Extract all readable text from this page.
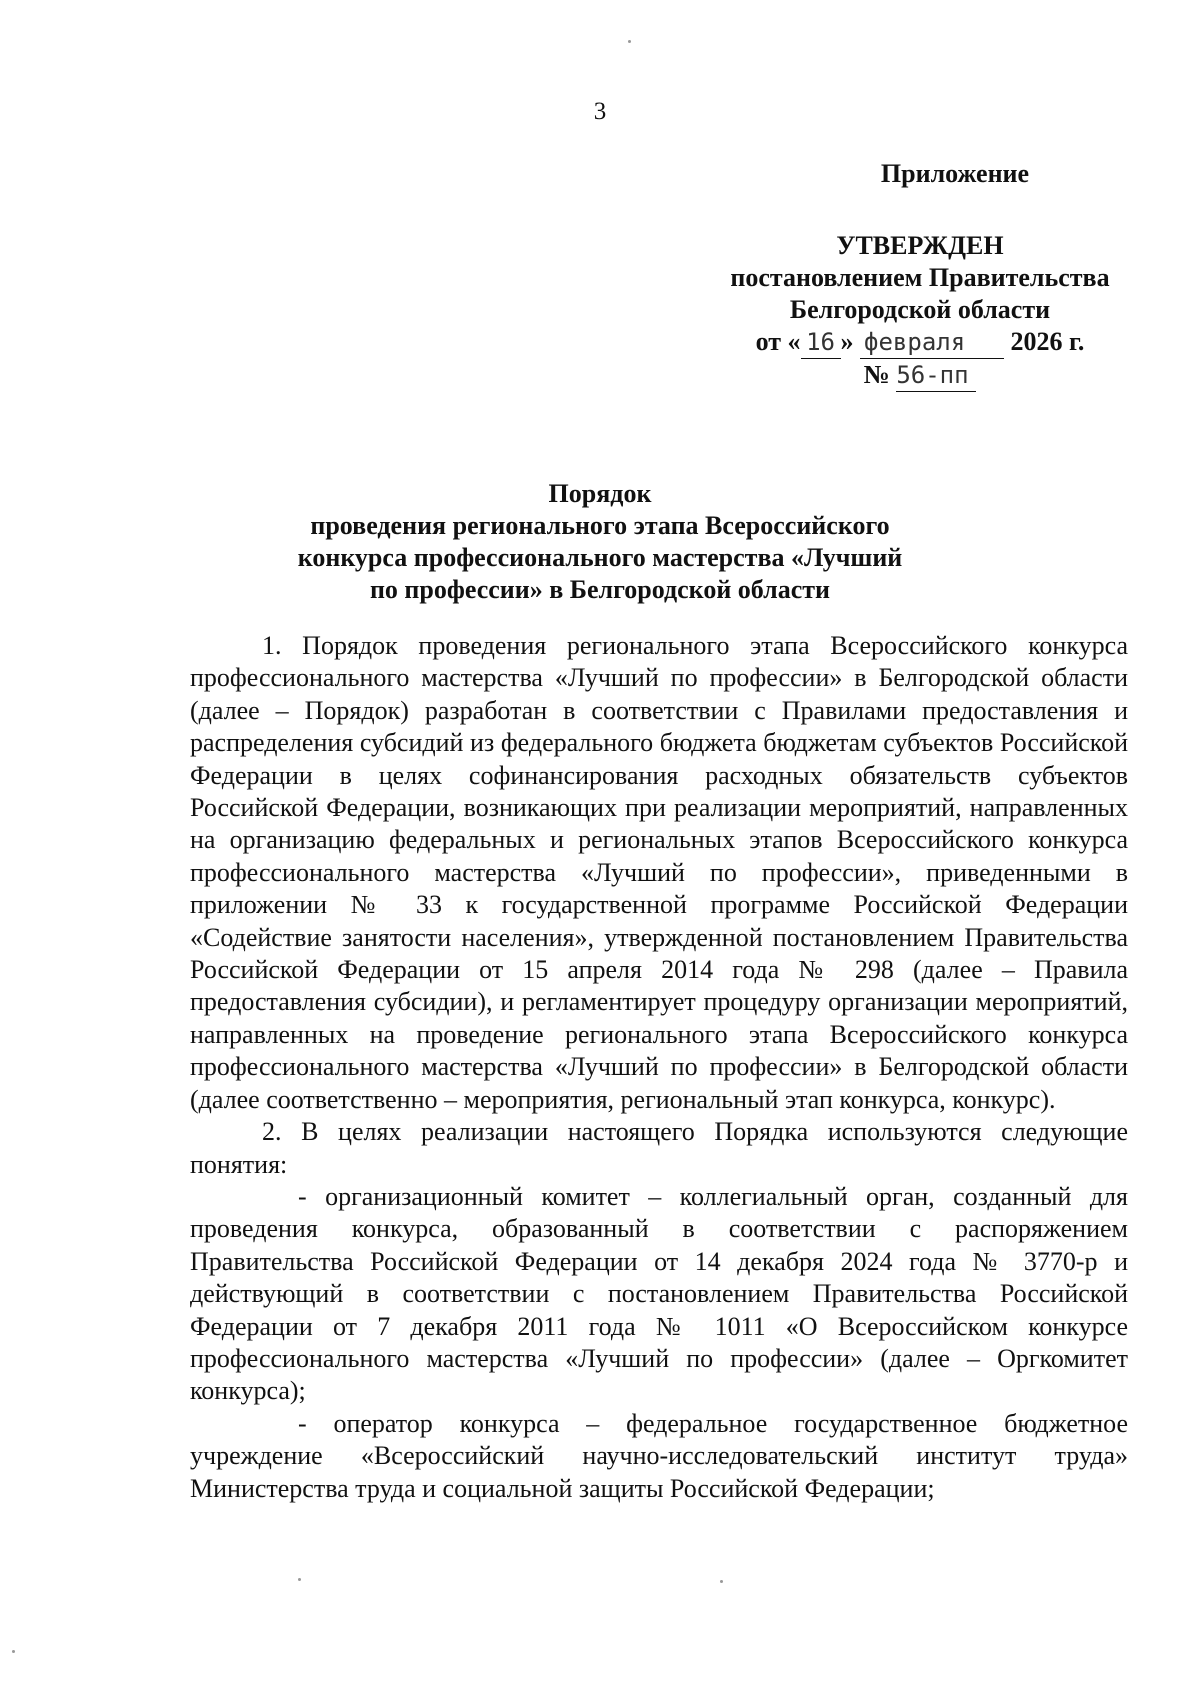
3
Приложение
УТВЕРЖДЕН
постановлением Правительства
Белгородской области
от « 16 » февраля 2026 г.
№ 56-пп
Порядок
проведения регионального этапа Всероссийского
конкурса профессионального мастерства «Лучший
по профессии» в Белгородской области

1. Порядок проведения регионального этапа Всероссийского конкурса профессионального мастерства «Лучший по профессии» в Белгородской области (далее – Порядок) разработан в соответствии с Правилами предоставления и распределения субсидий из федерального бюджета бюджетам субъектов Российской Федерации в целях софинансирования расходных обязательств субъектов Российской Федерации, возникающих при реализации мероприятий, направленных на организацию федеральных и региональных этапов Всероссийского конкурса профессионального мастерства «Лучший по профессии», приведенными в приложении № 33 к государственной программе Российской Федерации «Содействие занятости населения», утвержденной постановлением Правительства Российской Федерации от 15 апреля 2014 года № 298 (далее – Правила предоставления субсидии), и регламентирует процедуру организации мероприятий, направленных на проведение регионального этапа Всероссийского конкурса профессионального мастерства «Лучший по профессии» в Белгородской области (далее соответственно – мероприятия, региональный этап конкурса, конкурс).

2. В целях реализации настоящего Порядка используются следующие понятия:

- организационный комитет – коллегиальный орган, созданный для проведения конкурса, образованный в соответствии с распоряжением Правительства Российской Федерации от 14 декабря 2024 года № 3770-р и действующий в соответствии с постановлением Правительства Российской Федерации от 7 декабря 2011 года № 1011 «О Всероссийском конкурсе профессионального мастерства «Лучший по профессии» (далее – Оргкомитет конкурса);

- оператор конкурса – федеральное государственное бюджетное учреждение «Всероссийский научно-исследовательский институт труда» Министерства труда и социальной защиты Российской Федерации;
